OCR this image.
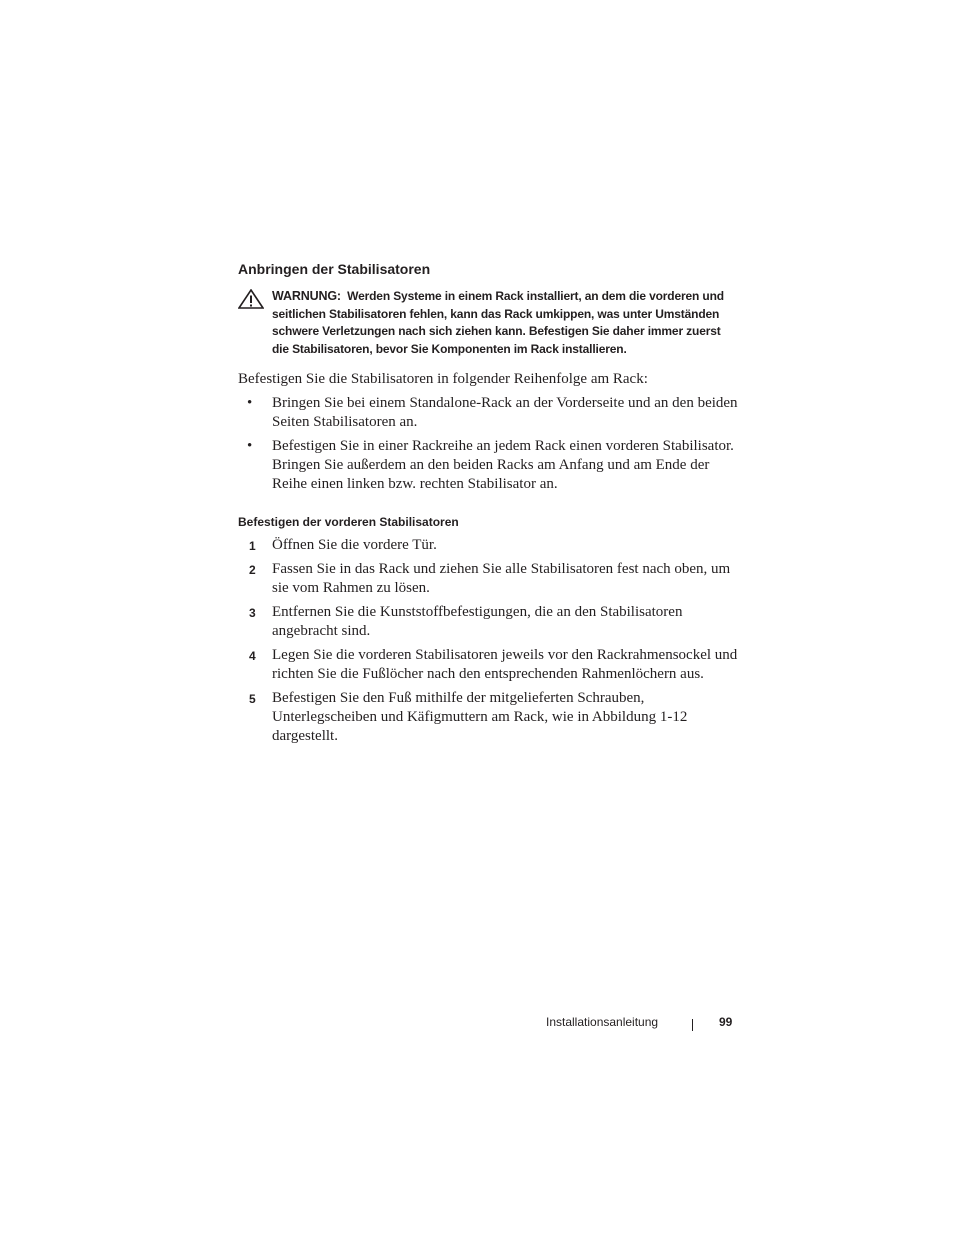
Anbringen der Stabilisatoren

WARNUNG: Werden Systeme in einem Rack installiert, an dem die vorderen und seitlichen Stabilisatoren fehlen, kann das Rack umkippen, was unter Umständen schwere Verletzungen nach sich ziehen kann. Befestigen Sie daher immer zuerst die Stabilisatoren, bevor Sie Komponenten im Rack installieren.

Befestigen Sie die Stabilisatoren in folgender Reihenfolge am Rack:

• Bringen Sie bei einem Standalone-Rack an der Vorderseite und an den beiden Seiten Stabilisatoren an.
• Befestigen Sie in einer Rackreihe an jedem Rack einen vorderen Stabilisator. Bringen Sie außerdem an den beiden Racks am Anfang und am Ende der Reihe einen linken bzw. rechten Stabilisator an.
Befestigen der vorderen Stabilisatoren
1 Öffnen Sie die vordere Tür.
2 Fassen Sie in das Rack und ziehen Sie alle Stabilisatoren fest nach oben, um sie vom Rahmen zu lösen.
3 Entfernen Sie die Kunststoffbefestigungen, die an den Stabilisatoren angebracht sind.
4 Legen Sie die vorderen Stabilisatoren jeweils vor den Rackrahmensockel und richten Sie die Fußlöcher nach den entsprechenden Rahmenlöchern aus.
5 Befestigen Sie den Fuß mithilfe der mitgelieferten Schrauben, Unterlegscheiben und Käfigmuttern am Rack, wie in Abbildung 1-12 dargestellt.
Installationsanleitung	99
